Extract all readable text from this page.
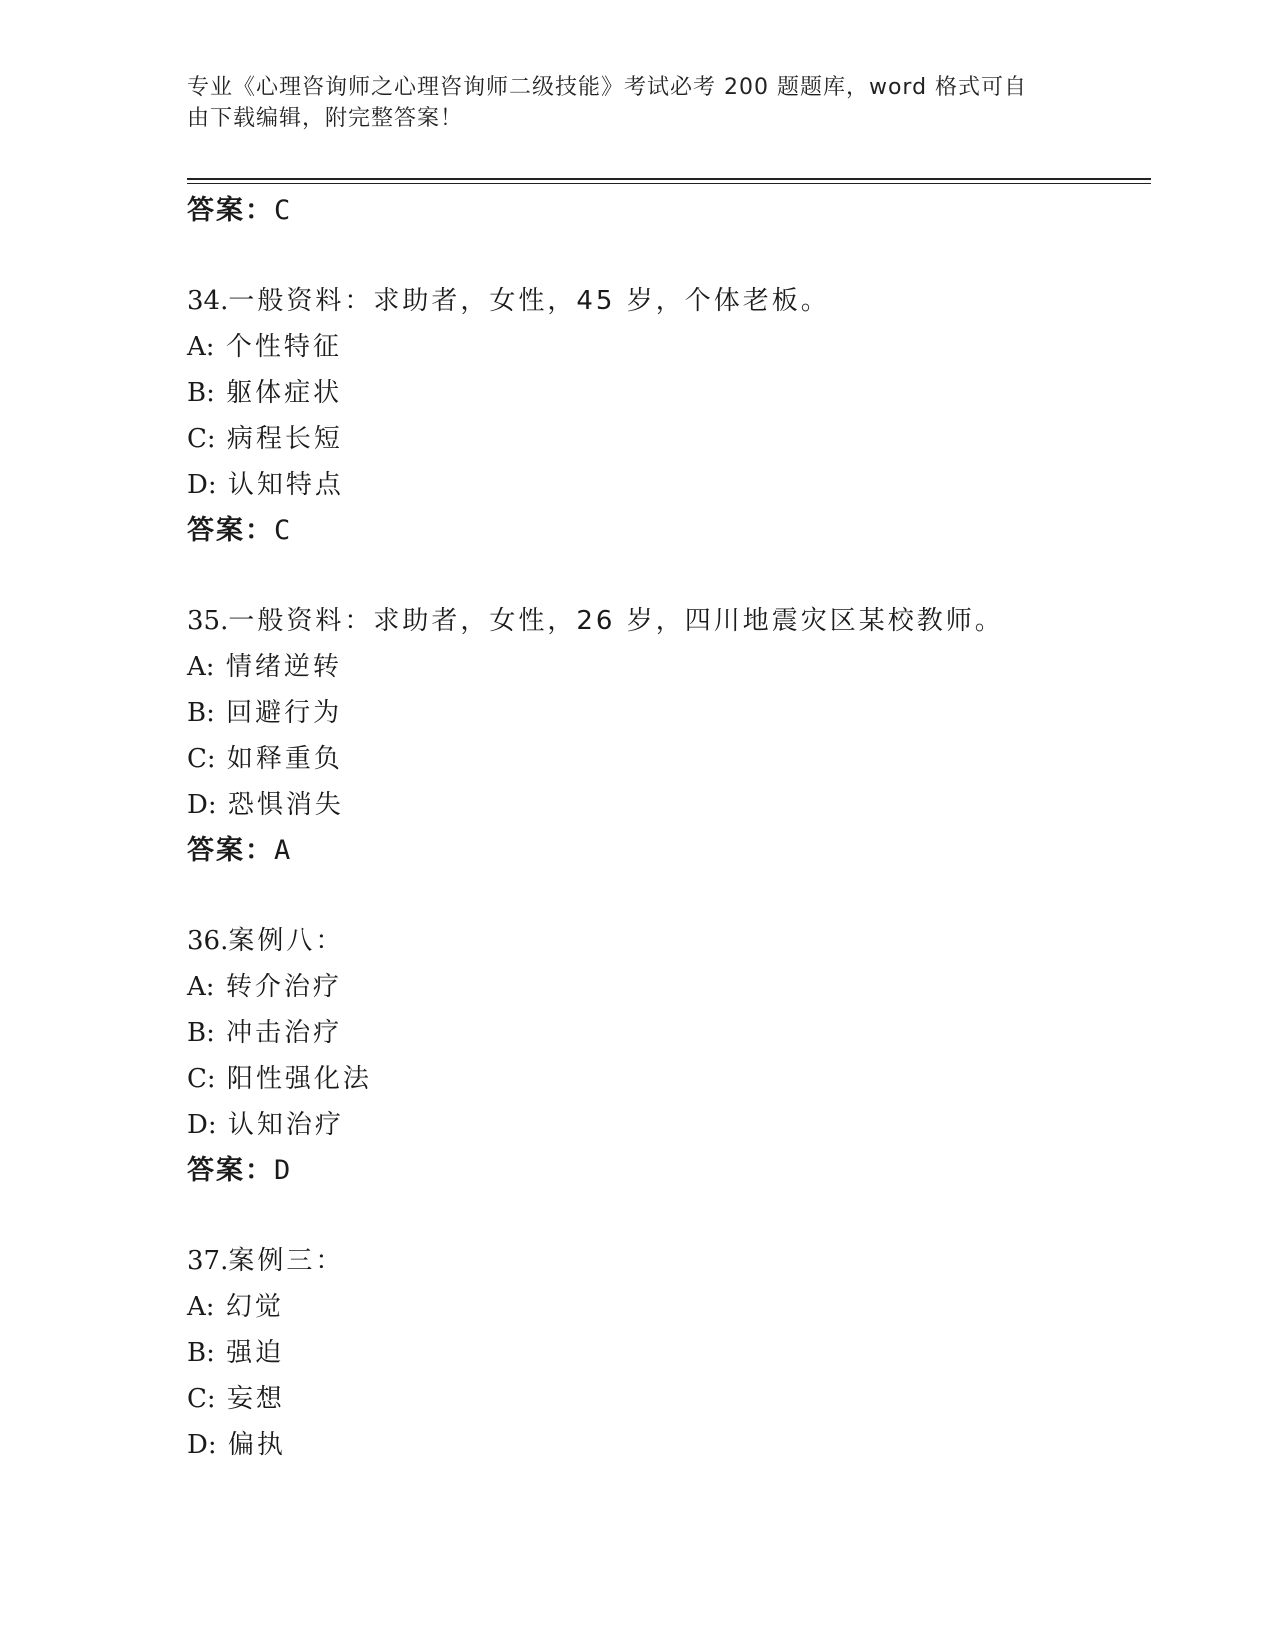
专业《心理咨询师之心理咨询师二级技能》考试必考 200 题题库，word 格式可自
由下载编辑，附完整答案！
答案：C
34.一般资料：求助者，女性，45 岁，个体老板。
A: 个性特征
B: 躯体症状
C: 病程长短
D: 认知特点
答案：C
35.一般资料：求助者，女性，26 岁，四川地震灾区某校教师。
A: 情绪逆转
B: 回避行为
C: 如释重负
D: 恐惧消失
答案：A
36.案例八：
A: 转介治疗
B: 冲击治疗
C: 阳性强化法
D: 认知治疗
答案：D
37.案例三：
A: 幻觉
B: 强迫
C: 妄想
D: 偏执
